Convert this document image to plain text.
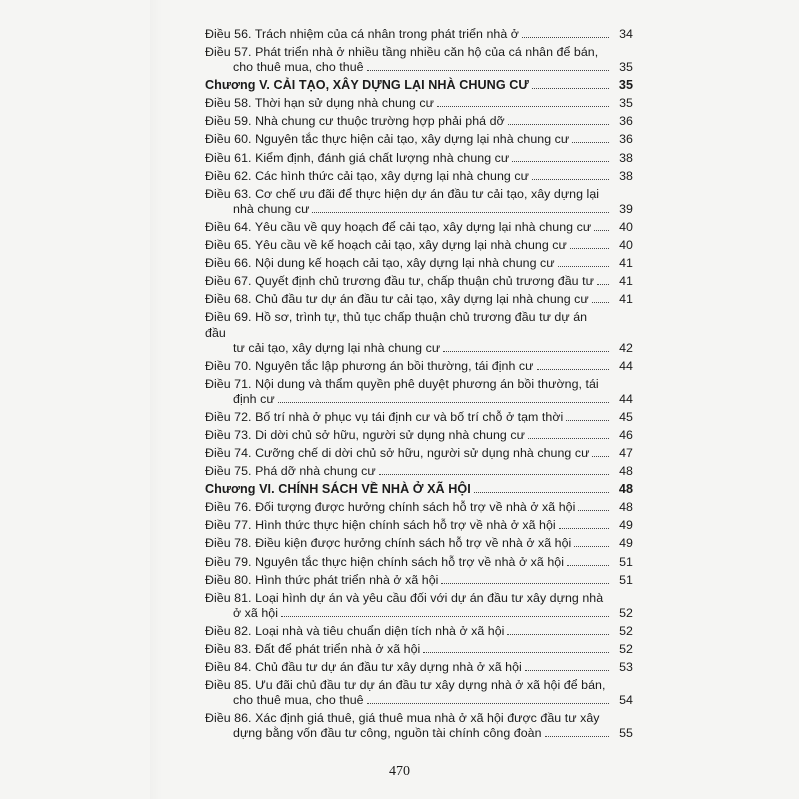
Điều 56. Trách nhiệm của cá nhân trong phát triển nhà ở	34
Điều 57. Phát triển nhà ở nhiều tầng nhiều căn hộ của cá nhân để bán,
cho thuê mua, cho thuê	35
Chương V. CẢI TẠO, XÂY DỰNG LẠI NHÀ CHUNG CƯ	35
Điều 58. Thời hạn sử dụng nhà chung cư	35
Điều 59. Nhà chung cư thuộc trường hợp phải phá dỡ	36
Điều 60. Nguyên tắc thực hiện cải tạo, xây dựng lại nhà chung cư	36
Điều 61. Kiểm định, đánh giá chất lượng nhà chung cư	38
Điều 62. Các hình thức cải tạo, xây dựng lại nhà chung cư	38
Điều 63. Cơ chế ưu đãi để thực hiện dự án đầu tư cải tạo, xây dựng lại
nhà chung cư	39
Điều 64. Yêu cầu về quy hoạch để cải tạo, xây dựng lại nhà chung cư	40
Điều 65. Yêu cầu về kế hoạch cải tạo, xây dựng lại nhà chung cư	40
Điều 66. Nội dung kế hoạch cải tạo, xây dựng lại nhà chung cư	41
Điều 67. Quyết định chủ trương đầu tư, chấp thuận chủ trương đầu tư	41
Điều 68. Chủ đầu tư dự án đầu tư cải tạo, xây dựng lại nhà chung cư	41
Điều 69. Hồ sơ, trình tự, thủ tục chấp thuận chủ trương đầu tư dự án đầu
tư cải tạo, xây dựng lại nhà chung cư	42
Điều 70. Nguyên tắc lập phương án bồi thường, tái định cư	44
Điều 71. Nội dung và thẩm quyền phê duyệt phương án bồi thường, tái
định cư	44
Điều 72. Bố trí nhà ở phục vụ tái định cư và bố trí chỗ ở tạm thời	45
Điều 73. Di dời chủ sở hữu, người sử dụng nhà chung cư	46
Điều 74. Cưỡng chế di dời chủ sở hữu, người sử dụng nhà chung cư	47
Điều 75. Phá dỡ nhà chung cư	48
Chương VI. CHÍNH SÁCH VỀ NHÀ Ở XÃ HỘI	48
Điều 76. Đối tượng được hưởng chính sách hỗ trợ về nhà ở xã hội	48
Điều 77. Hình thức thực hiện chính sách hỗ trợ về nhà ở xã hội	49
Điều 78. Điều kiện được hưởng chính sách hỗ trợ về nhà ở xã hội	49
Điều 79. Nguyên tắc thực hiện chính sách hỗ trợ về nhà ở xã hội	51
Điều 80. Hình thức phát triển nhà ở xã hội	51
Điều 81. Loại hình dự án và yêu cầu đối với dự án đầu tư xây dựng nhà
ở xã hội	52
Điều 82. Loại nhà và tiêu chuẩn diện tích nhà ở xã hội	52
Điều 83. Đất để phát triển nhà ở xã hội	52
Điều 84. Chủ đầu tư dự án đầu tư xây dựng nhà ở xã hội	53
Điều 85. Ưu đãi chủ đầu tư dự án đầu tư xây dựng nhà ở xã hội để bán,
cho thuê mua, cho thuê	54
Điều 86. Xác định giá thuê, giá thuê mua nhà ở xã hội được đầu tư xây
dựng bằng vốn đầu tư công, nguồn tài chính công đoàn	55
470
